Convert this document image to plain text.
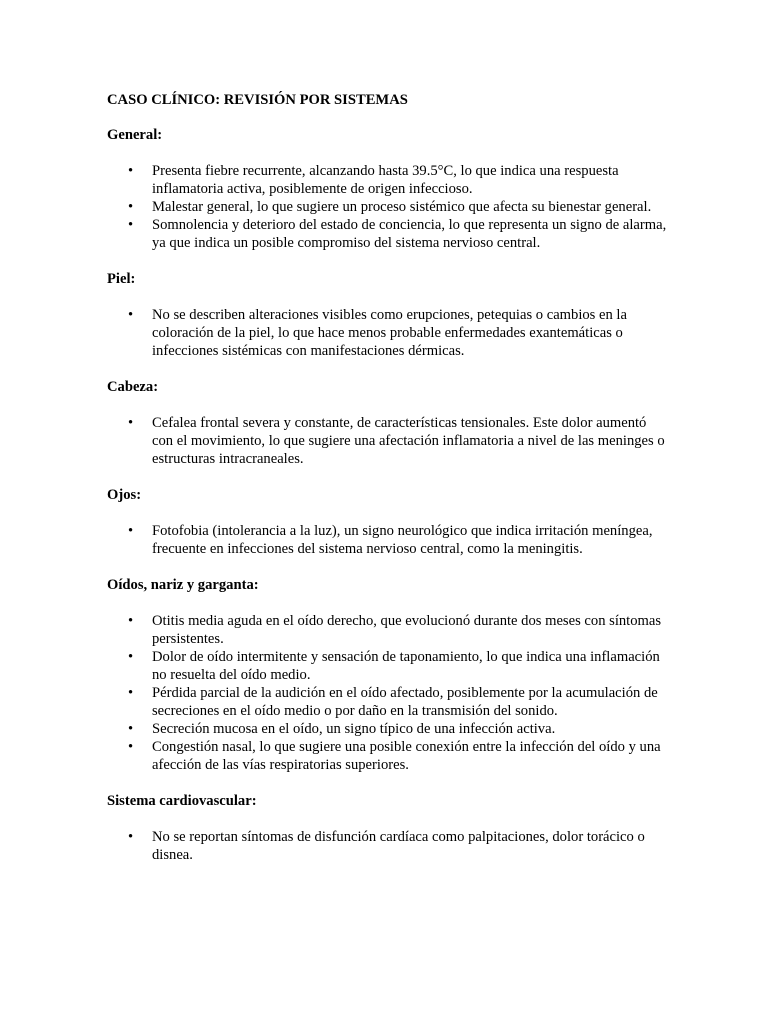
CASO CLÍNICO: REVISIÓN POR SISTEMAS
General:
• Presenta fiebre recurrente, alcanzando hasta 39.5°C, lo que indica una respuesta inflamatoria activa, posiblemente de origen infeccioso.
• Malestar general, lo que sugiere un proceso sistémico que afecta su bienestar general.
• Somnolencia y deterioro del estado de conciencia, lo que representa un signo de alarma, ya que indica un posible compromiso del sistema nervioso central.
Piel:
• No se describen alteraciones visibles como erupciones, petequias o cambios en la coloración de la piel, lo que hace menos probable enfermedades exantemáticas o infecciones sistémicas con manifestaciones dérmicas.
Cabeza:
• Cefalea frontal severa y constante, de características tensionales. Este dolor aumentó con el movimiento, lo que sugiere una afectación inflamatoria a nivel de las meninges o estructuras intracraneales.
Ojos:
• Fotofobia (intolerancia a la luz), un signo neurológico que indica irritación meníngea, frecuente en infecciones del sistema nervioso central, como la meningitis.
Oídos, nariz y garganta:
• Otitis media aguda en el oído derecho, que evolucionó durante dos meses con síntomas persistentes.
• Dolor de oído intermitente y sensación de taponamiento, lo que indica una inflamación no resuelta del oído medio.
• Pérdida parcial de la audición en el oído afectado, posiblemente por la acumulación de secreciones en el oído medio o por daño en la transmisión del sonido.
• Secreción mucosa en el oído, un signo típico de una infección activa.
• Congestión nasal, lo que sugiere una posible conexión entre la infección del oído y una afección de las vías respiratorias superiores.
Sistema cardiovascular:
• No se reportan síntomas de disfunción cardíaca como palpitaciones, dolor torácico o disnea.
